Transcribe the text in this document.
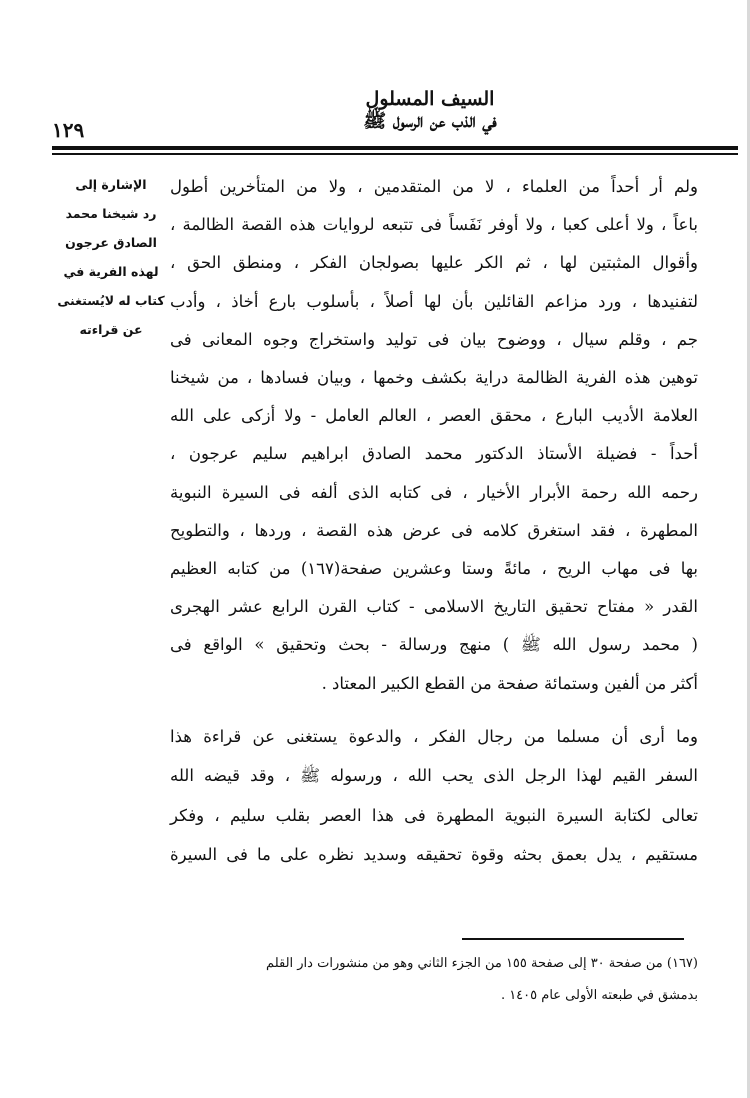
السيف المسلول
في الذب عن الرسول ﷺ
١٢٩
الإشارة إلى
رد شيخنا محمد
الصادق عرجون
لهذه الفرية في
كتاب له لايُستغنى
عن قراءته
ولم أر أحداً من العلماء ، لا من المتقدمين ، ولا من المتأخرين أطول
باعاً ، ولا أعلى كعبا ، ولا أوفر نَفَساً فى تتبعه لروايات هذه القصة الظالمة ،
وأقوال المثبتين لها ، ثم الكر عليها بصولجان الفكر ، ومنطق الحق ،
لتفنيدها ، ورد مزاعم القائلين بأن لها أصلاً ، بأسلوب بارع أخاذ ، وأدب
جم ، وقلم سيال ، ووضوح بيان فى توليد واستخراج وجوه المعانى فى
توهين هذه الفرية الظالمة دراية بكشف وخمها ، وبيان فسادها ، من شيخنا
العلامة الأديب البارع ، محقق العصر ، العالم العامل - ولا أزكى على الله
أحداً - فضيلة الأستاذ الدكتور محمد الصادق ابراهيم سليم عرجون ،
رحمه الله رحمة الأبرار الأخيار ، فى كتابه الذى ألفه فى السيرة النبوية
المطهرة ، فقد استغرق كلامه فى عرض هذه القصة ، وردها ، والتطويح
بها فى مهاب الريح ، مائةً وستا وعشرين صفحة(١٦٧) من كتابه العظيم
القدر « مفتاح تحقيق التاريخ الاسلامى - كتاب القرن الرابع عشر الهجرى
( محمد رسول الله ﷺ ) منهج ورسالة - بحث وتحقيق » الواقع فى
أكثر من ألفين وستمائة صفحة من القطع الكبير المعتاد .
وما أرى أن مسلما من رجال الفكر ، والدعوة يستغنى عن قراءة هذا
السفر القيم لهذا الرجل الذى يحب الله ، ورسوله ﷺ ، وقد قيضه الله
تعالى لكتابة السيرة النبوية المطهرة فى هذا العصر بقلب سليم ، وفكر
مستقيم ، يدل بعمق بحثه وقوة تحقيقه وسديد نظره على ما فى السيرة
(١٦٧) من صفحة ٣٠ إلى صفحة ١٥٥ من الجزء الثاني وهو من منشورات دار القلم
بدمشق في طبعته الأولى عام ١٤٠٥ .
